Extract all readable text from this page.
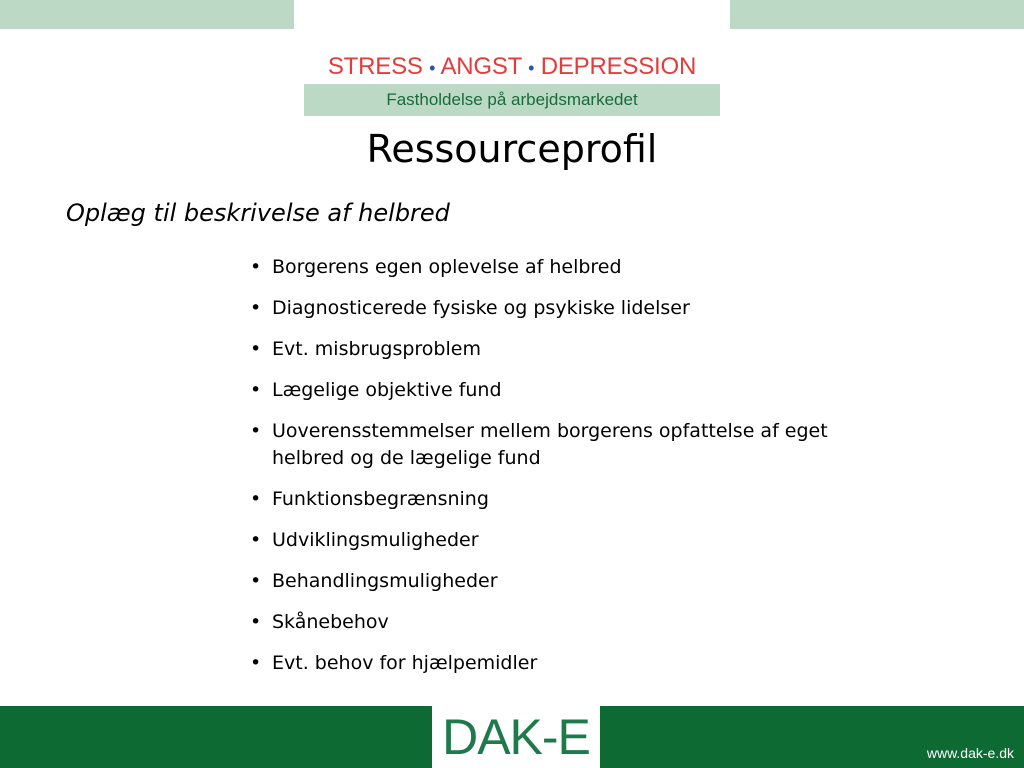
STRESS • ANGST • DEPRESSION
Fastholdelse på arbejdsmarkedet
Ressourceprofil
Oplæg til beskrivelse af helbred
• Borgerens egen oplevelse af helbred
• Diagnosticerede fysiske og psykiske lidelser
• Evt. misbrugsproblem
• Lægelige objektive fund
• Uoverensstemmelser mellem borgerens opfattelse af eget helbred og de lægelige fund
• Funktionsbegrænsning
• Udviklingsmuligheder
• Behandlingsmuligheder
• Skånebehov
• Evt. behov for hjælpemidler
DAK-E	www.dak-e.dk
